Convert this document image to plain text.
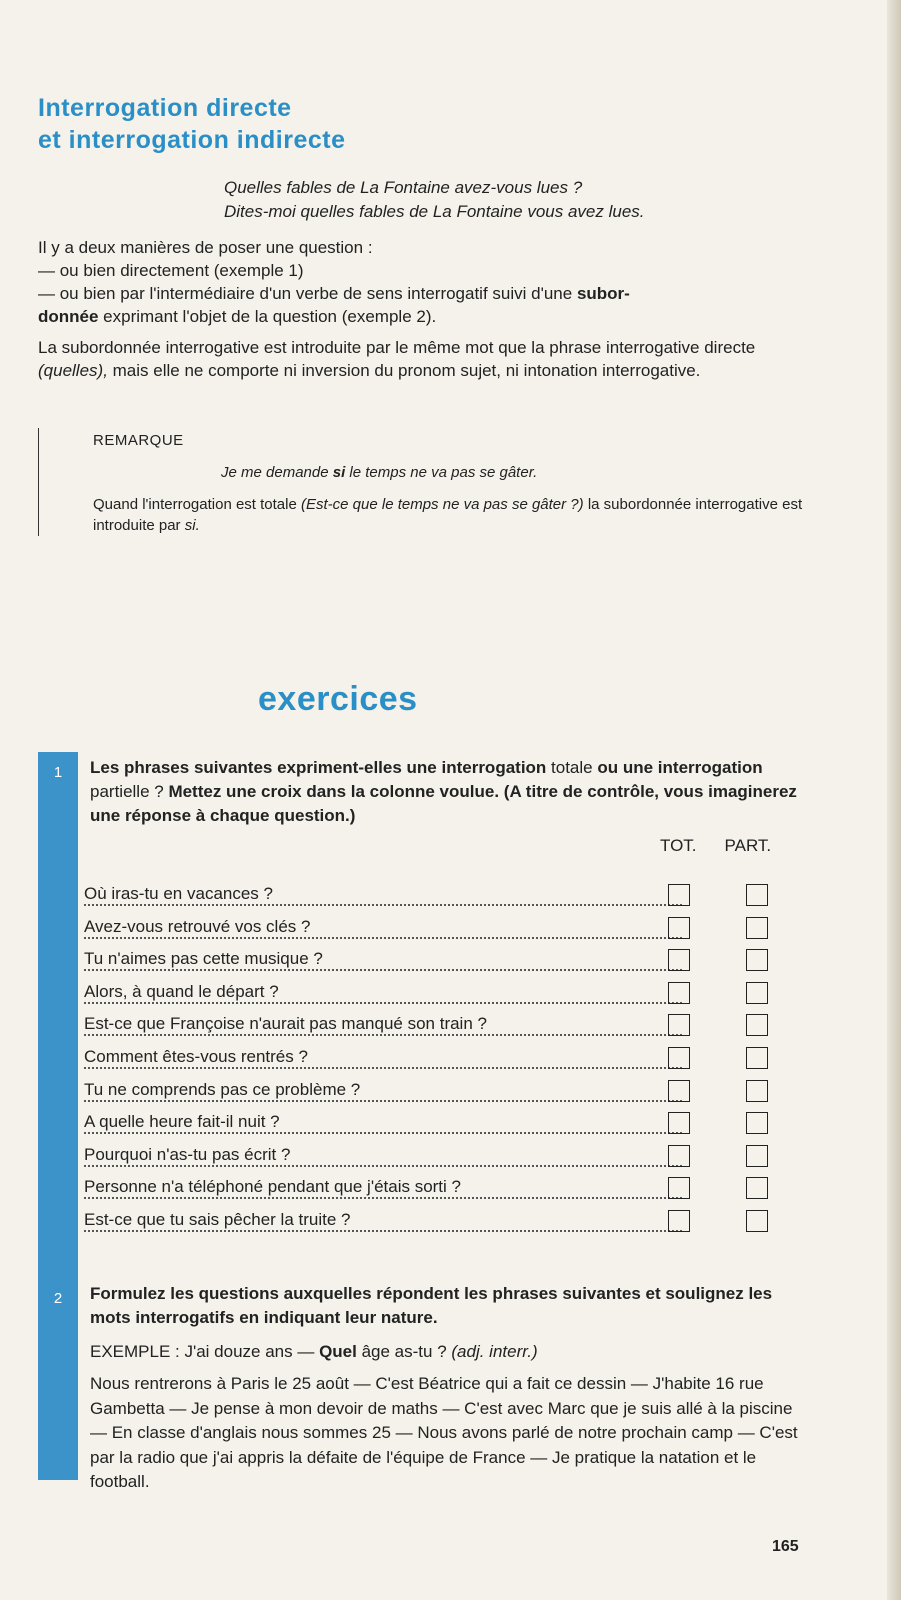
Interrogation directe
et interrogation indirecte
Quelles fables de La Fontaine avez-vous lues ?
Dites-moi quelles fables de La Fontaine vous avez lues.
Il y a deux manières de poser une question :
— ou bien directement (exemple 1)
— ou bien par l'intermédiaire d'un verbe de sens interrogatif suivi d'une subor-
donnée exprimant l'objet de la question (exemple 2).
La subordonnée interrogative est introduite par le même mot que la phrase interrogative directe (quelles), mais elle ne comporte ni inversion du pronom sujet, ni intonation interrogative.
REMARQUE
Je me demande si le temps ne va pas se gâter.
Quand l'interrogation est totale (Est-ce que le temps ne va pas se gâter ?) la subordonnée interrogative est introduite par si.
exercices
1	Les phrases suivantes expriment-elles une interrogation totale ou une interrogation partielle ? Mettez une croix dans la colonne voulue. (A titre de contrôle, vous imaginerez une réponse à chaque question.)
TOT. PART.
Où iras-tu en vacances ?
Avez-vous retrouvé vos clés ?
Tu n'aimes pas cette musique ?
Alors, à quand le départ ?
Est-ce que Françoise n'aurait pas manqué son train ?
Comment êtes-vous rentrés ?
Tu ne comprends pas ce problème ?
A quelle heure fait-il nuit ?
Pourquoi n'as-tu pas écrit ?
Personne n'a téléphoné pendant que j'étais sorti ?
Est-ce que tu sais pêcher la truite ?
2	Formulez les questions auxquelles répondent les phrases suivantes et soulignez les mots interrogatifs en indiquant leur nature.
EXEMPLE : J'ai douze ans — Quel âge as-tu ? (adj. interr.)
Nous rentrerons à Paris le 25 août — C'est Béatrice qui a fait ce dessin — J'habite 16 rue Gambetta — Je pense à mon devoir de maths — C'est avec Marc que je suis allé à la piscine — En classe d'anglais nous sommes 25 — Nous avons parlé de notre prochain camp — C'est par la radio que j'ai appris la défaite de l'équipe de France — Je pratique la natation et le football.
165
